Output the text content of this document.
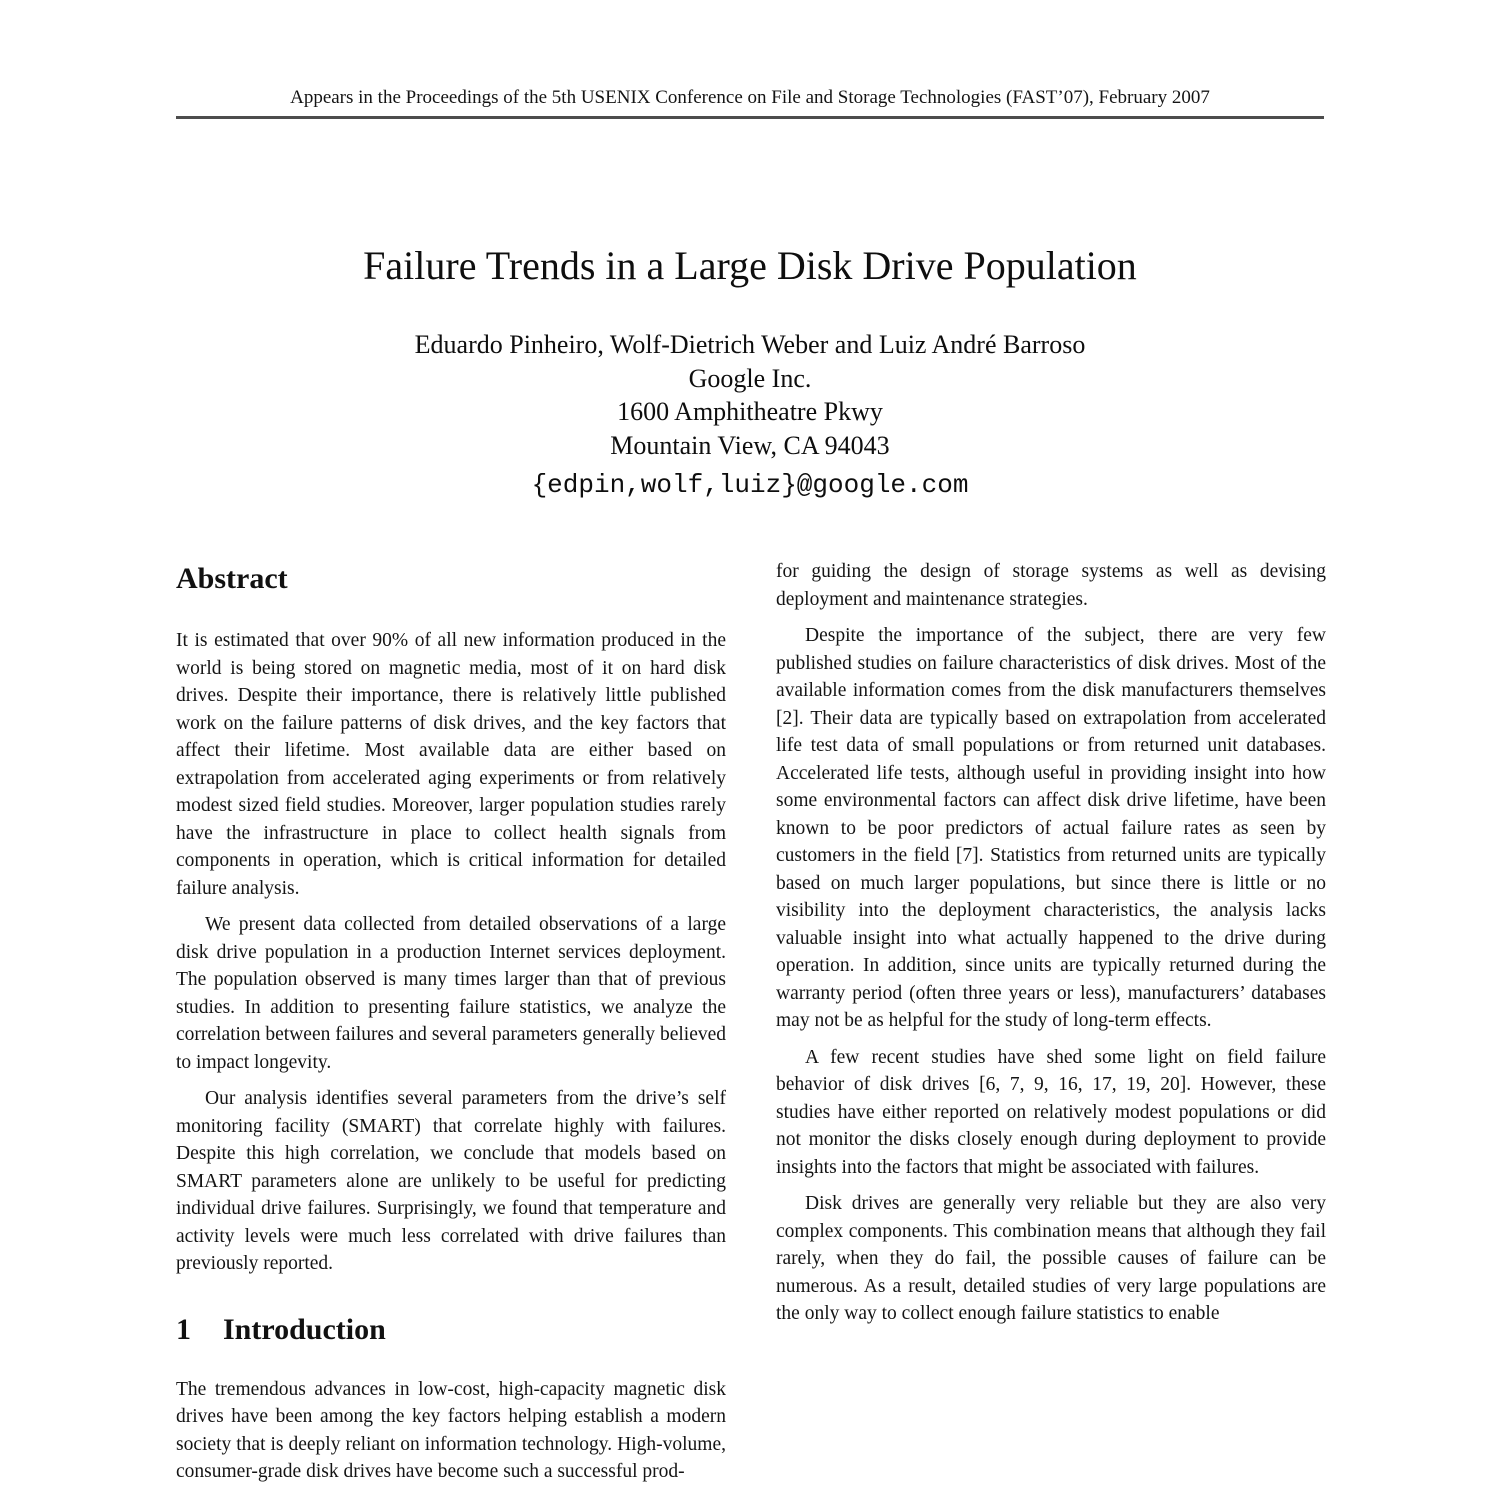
Appears in the Proceedings of the 5th USENIX Conference on File and Storage Technologies (FAST’07), February 2007
Failure Trends in a Large Disk Drive Population
Eduardo Pinheiro, Wolf-Dietrich Weber and Luiz André Barroso
Google Inc.
1600 Amphitheatre Pkwy
Mountain View, CA 94043
{edpin,wolf,luiz}@google.com
Abstract

It is estimated that over 90% of all new information produced in the world is being stored on magnetic media, most of it on hard disk drives. Despite their importance, there is relatively little published work on the failure patterns of disk drives, and the key factors that affect their lifetime. Most available data are either based on extrapolation from accelerated aging experiments or from relatively modest sized field studies. Moreover, larger population studies rarely have the infrastructure in place to collect health signals from components in operation, which is critical information for detailed failure analysis.

We present data collected from detailed observations of a large disk drive population in a production Internet services deployment. The population observed is many times larger than that of previous studies. In addition to presenting failure statistics, we analyze the correlation between failures and several parameters generally believed to impact longevity.

Our analysis identifies several parameters from the drive’s self monitoring facility (SMART) that correlate highly with failures. Despite this high correlation, we conclude that models based on SMART parameters alone are unlikely to be useful for predicting individual drive failures. Surprisingly, we found that temperature and activity levels were much less correlated with drive failures than previously reported.

1 Introduction

The tremendous advances in low-cost, high-capacity magnetic disk drives have been among the key factors helping establish a modern society that is deeply reliant on information technology. High-volume, consumer-grade disk drives have become such a successful prod-

for guiding the design of storage systems as well as devising deployment and maintenance strategies.

Despite the importance of the subject, there are very few published studies on failure characteristics of disk drives. Most of the available information comes from the disk manufacturers themselves [2]. Their data are typically based on extrapolation from accelerated life test data of small populations or from returned unit databases. Accelerated life tests, although useful in providing insight into how some environmental factors can affect disk drive lifetime, have been known to be poor predictors of actual failure rates as seen by customers in the field [7]. Statistics from returned units are typically based on much larger populations, but since there is little or no visibility into the deployment characteristics, the analysis lacks valuable insight into what actually happened to the drive during operation. In addition, since units are typically returned during the warranty period (often three years or less), manufacturers’ databases may not be as helpful for the study of long-term effects.

A few recent studies have shed some light on field failure behavior of disk drives [6, 7, 9, 16, 17, 19, 20]. However, these studies have either reported on relatively modest populations or did not monitor the disks closely enough during deployment to provide insights into the factors that might be associated with failures.

Disk drives are generally very reliable but they are also very complex components. This combination means that although they fail rarely, when they do fail, the possible causes of failure can be numerous. As a result, detailed studies of very large populations are the only way to collect enough failure statistics to enable
